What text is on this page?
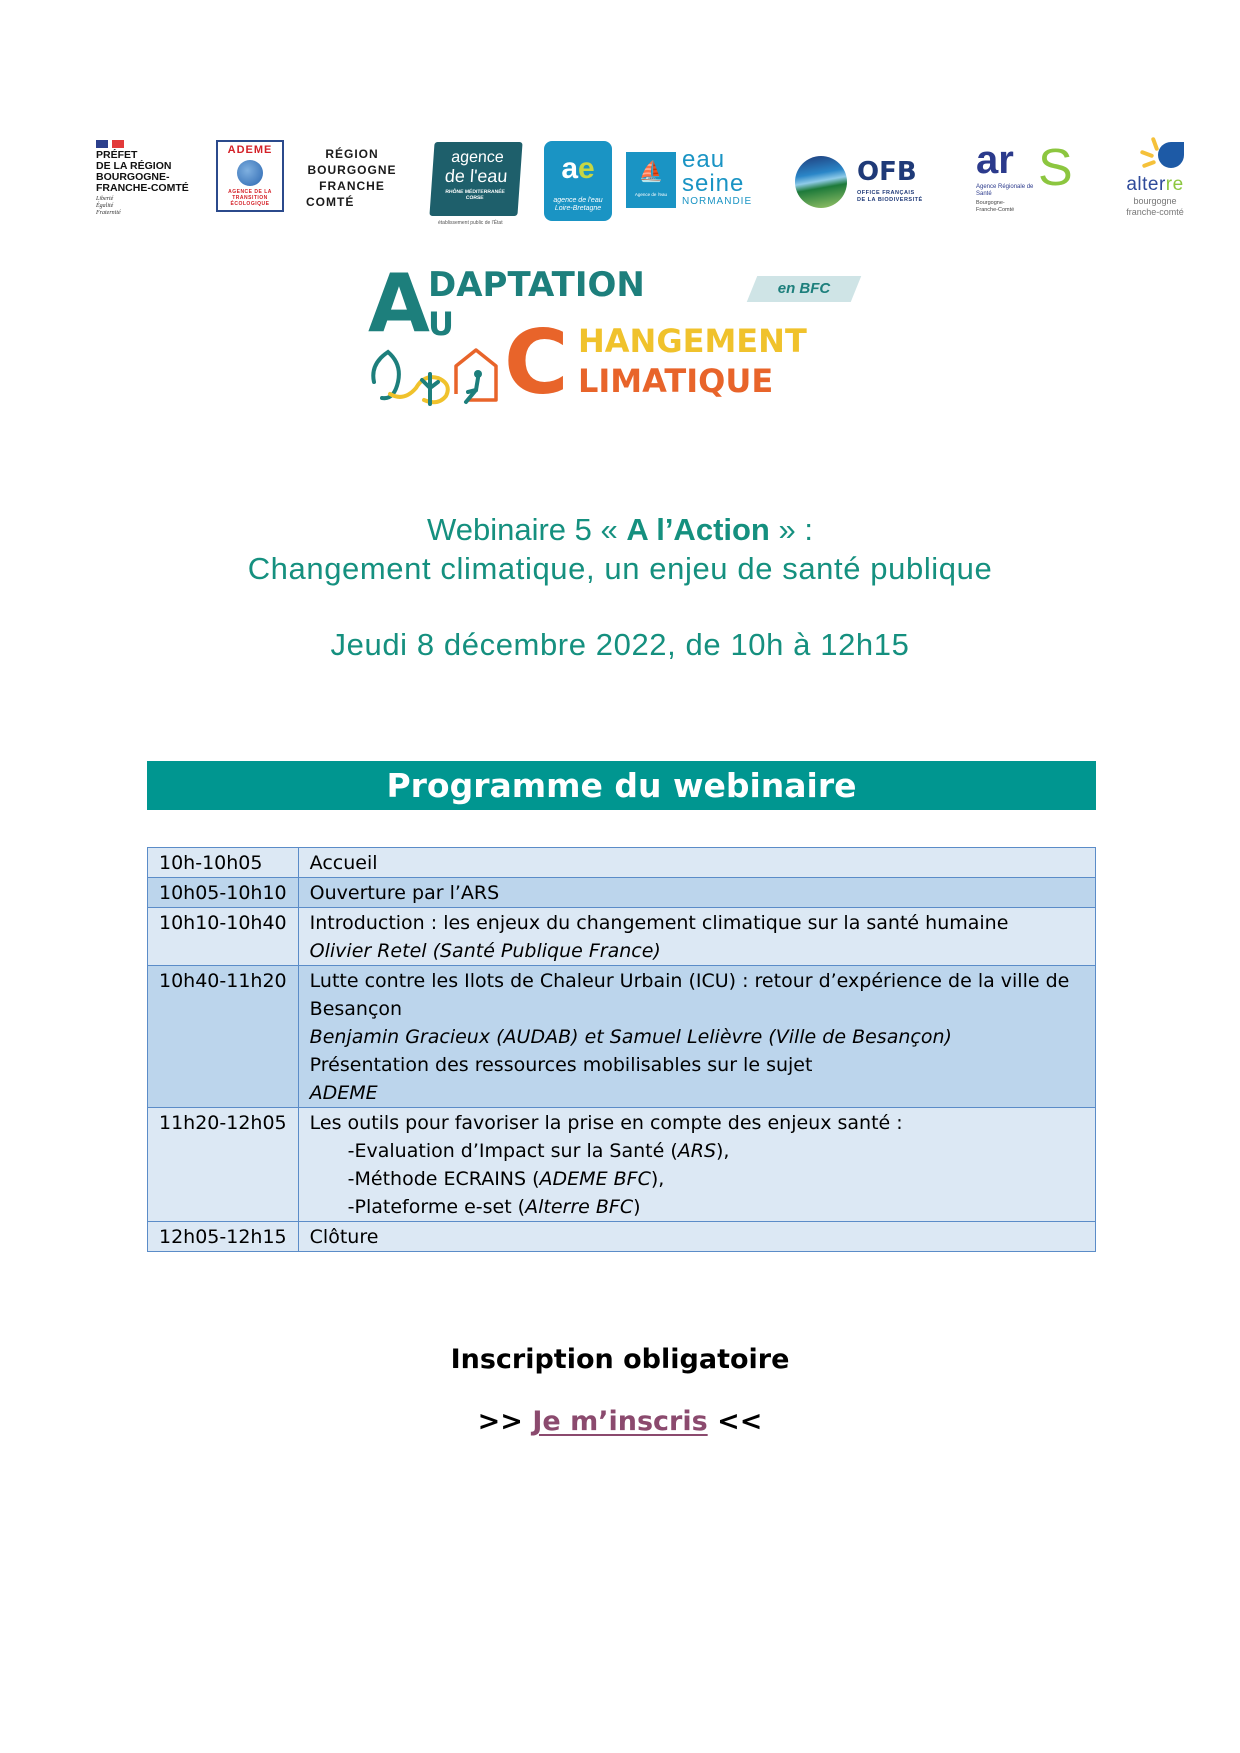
PRÉFET
DE LA RÉGION
BOURGOGNE-
FRANCHE-COMTÉ
Liberté
Égalité
Fraternité
ADEME
AGENCE DE LA
TRANSITION
ÉCOLOGIQUE
RÉGION
BOURGOGNE
FRANCHE
COMTÉ
agence
de l'eau
RHÔNE MÉDITERRANÉE
CORSE
établissement public de l'État
ae
agence de l'eau
Loire-Bretagne
⛵
Agence de l'eau
eau
seine
NORMANDIE
OFB
OFFICE FRANÇAIS
DE LA BIODIVERSITÉ
ar S
Agence Régionale de Santé
Bourgogne-
Franche-Comté
alterre
bourgogne
franche-comté
A
DAPTATION
U
en BFC
C HANGEMENT
LIMATIQUE
Webinaire 5 « A l’Action » :
Changement climatique, un enjeu de santé publique
Jeudi 8 décembre 2022, de 10h à 12h15
Programme du webinaire
10h-10h05	Accueil

10h05-10h10	Ouverture par l’ARS

10h10-10h40	Introduction : les enjeux du changement climatique sur la santé humaine
Olivier Retel (Santé Publique France)

10h40-11h20	Lutte contre les Ilots de Chaleur Urbain (ICU) : retour d’expérience de la ville de
Besançon
Benjamin Gracieux (AUDAB) et Samuel Lelièvre (Ville de Besançon)
Présentation des ressources mobilisables sur le sujet
ADEME

11h20-12h05	Les outils pour favoriser la prise en compte des enjeux santé :
-Evaluation d’Impact sur la Santé (ARS),
-Méthode ECRAINS (ADEME BFC),
-Plateforme e-set (Alterre BFC)

12h05-12h15	Clôture
Inscription obligatoire
>> Je m’inscris <<
